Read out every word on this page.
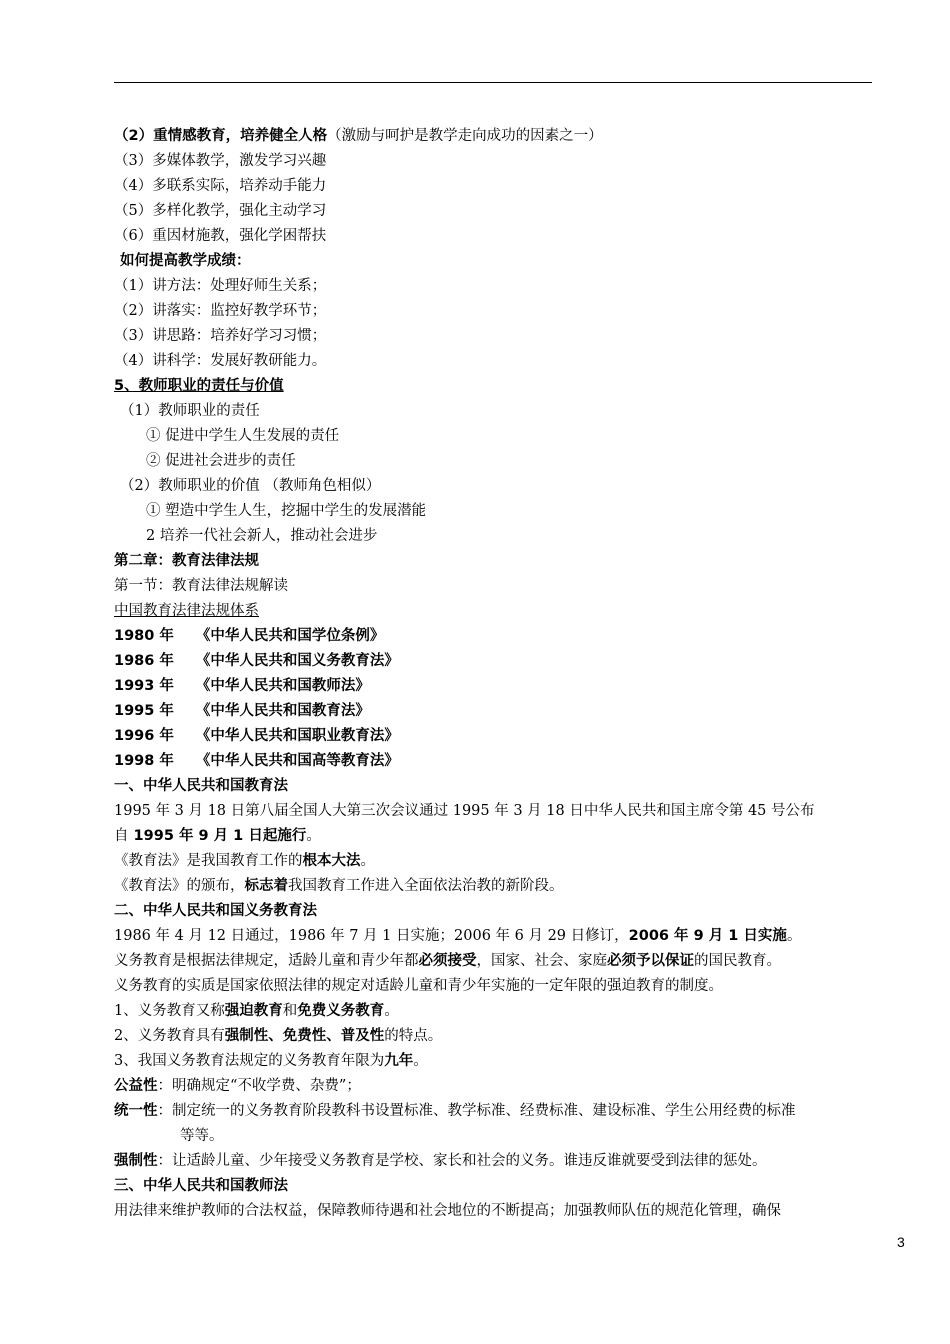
（2）重情感教育，培养健全人格（激励与呵护是教学走向成功的因素之一）
（3）多媒体教学，激发学习兴趣
（4）多联系实际，培养动手能力
（5）多样化教学，强化主动学习
（6）重因材施教，强化学困帮扶
如何提高教学成绩：
（1）讲方法：处理好师生关系；
（2）讲落实：监控好教学环节；
（3）讲思路：培养好学习习惯；
（4）讲科学：发展好教研能力。
5、教师职业的责任与价值
（1）教师职业的责任
① 促进中学生人生发展的责任
② 促进社会进步的责任
（2）教师职业的价值 （教师角色相似）
① 塑造中学生人生，挖掘中学生的发展潜能
2 培养一代社会新人，推动社会进步
第二章：教育法律法规
第一节：教育法律法规解读
中国教育法律法规体系
1980 年 《中华人民共和国学位条例》
1986 年 《中华人民共和国义务教育法》
1993 年 《中华人民共和国教师法》
1995 年 《中华人民共和国教育法》
1996 年 《中华人民共和国职业教育法》
1998 年 《中华人民共和国高等教育法》
一、中华人民共和国教育法
1995 年 3 月 18 日第八届全国人大第三次会议通过 1995 年 3 月 18 日中华人民共和国主席令第 45 号公布
自 1995 年 9 月 1 日起施行。
《教育法》是我国教育工作的根本大法。
《教育法》的颁布，标志着我国教育工作进入全面依法治教的新阶段。
二、中华人民共和国义务教育法
1986 年 4 月 12 日通过，1986 年 7 月 1 日实施；2006 年 6 月 29 日修订，2006 年 9 月 1 日实施。
义务教育是根据法律规定，适龄儿童和青少年都必须接受，国家、社会、家庭必须予以保证的国民教育。
义务教育的实质是国家依照法律的规定对适龄儿童和青少年实施的一定年限的强迫教育的制度。
1、义务教育又称强迫教育和免费义务教育。
2、义务教育具有强制性、免费性、普及性的特点。
3、我国义务教育法规定的义务教育年限为九年。
公益性：明确规定“不收学费、杂费”；
统一性：制定统一的义务教育阶段教科书设置标准、教学标准、经费标准、建设标准、学生公用经费的标准
等等。
强制性：让适龄儿童、少年接受义务教育是学校、家长和社会的义务。谁违反谁就要受到法律的惩处。
三、中华人民共和国教师法
用法律来维护教师的合法权益，保障教师待遇和社会地位的不断提高；加强教师队伍的规范化管理，确保
3
